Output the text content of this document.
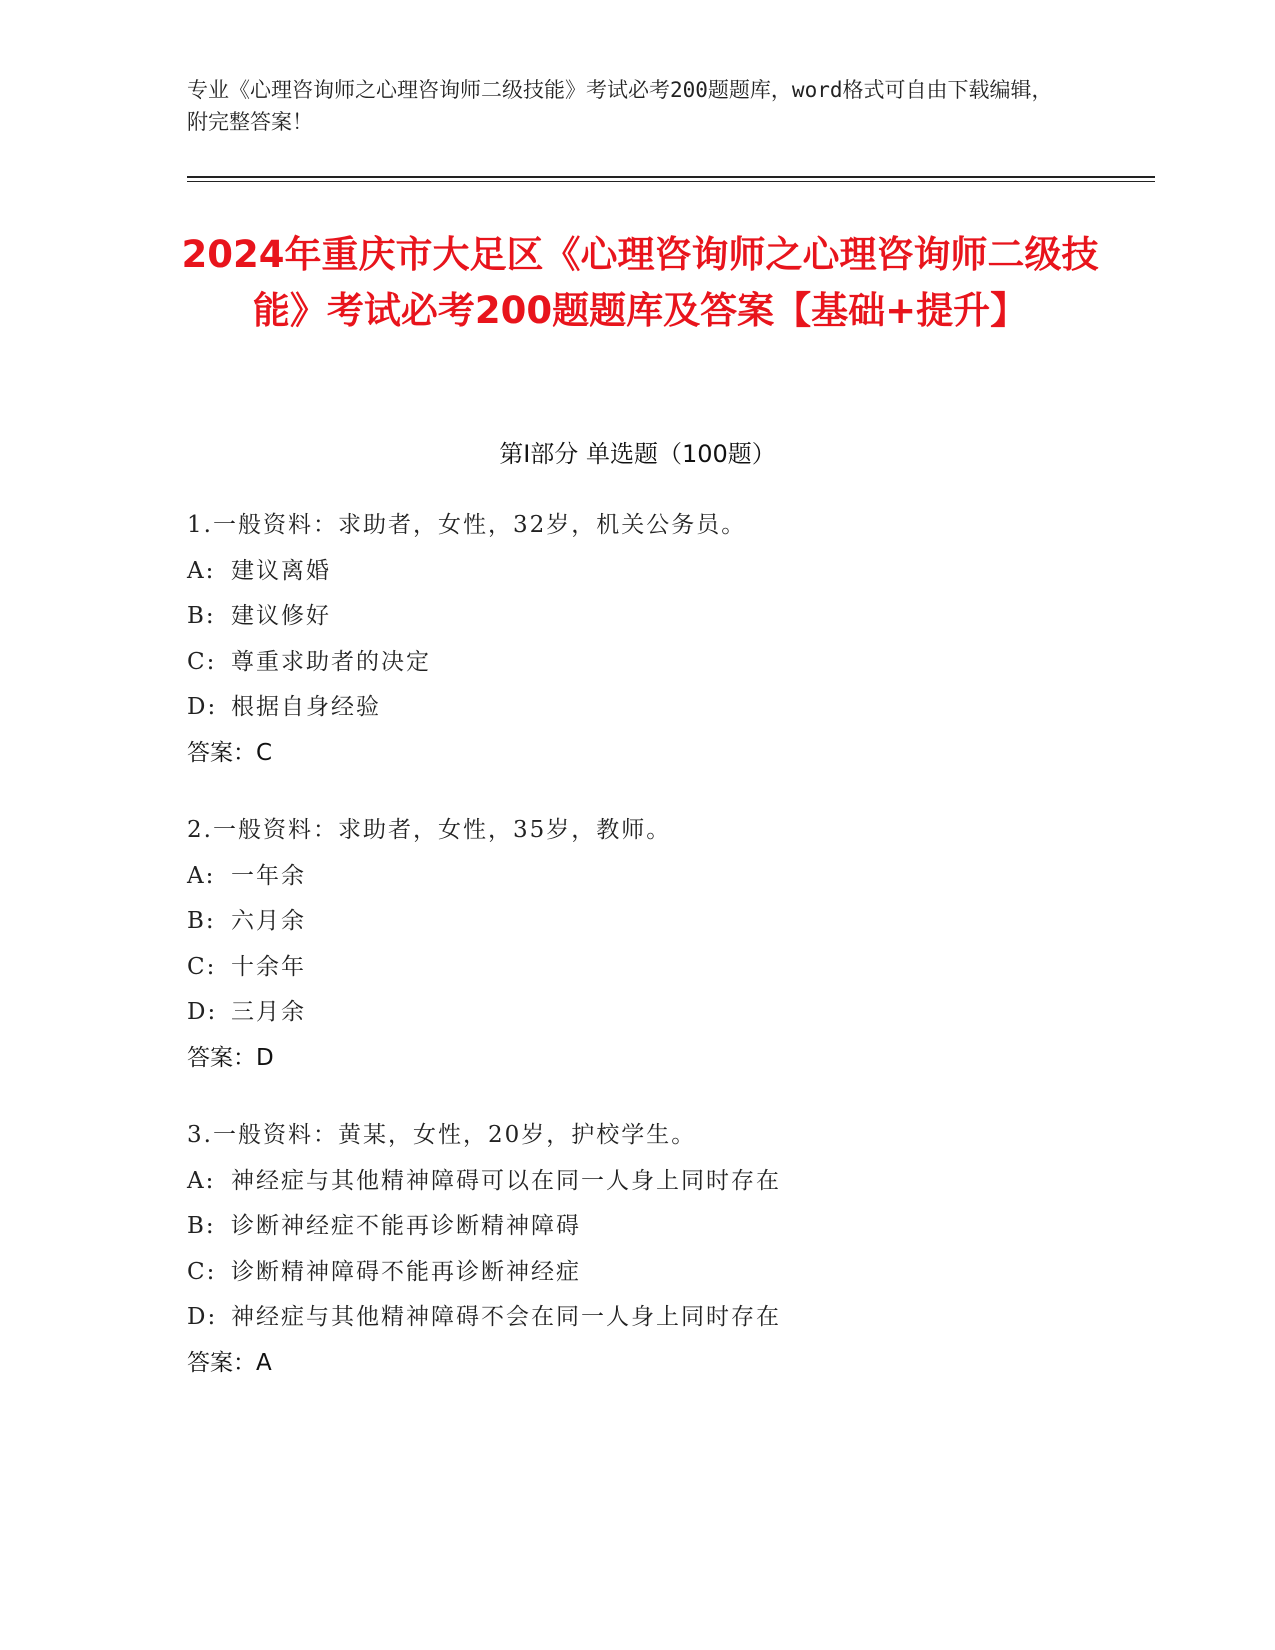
专业《心理咨询师之心理咨询师二级技能》考试必考200题题库，word格式可自由下载编辑，附完整答案！
2024年重庆市大足区《心理咨询师之心理咨询师二级技能》考试必考200题题库及答案【基础+提升】
第Ⅰ部分 单选题（100题）
1.一般资料：求助者，女性，32岁，机关公务员。
A: 建议离婚
B: 建议修好
C: 尊重求助者的决定
D: 根据自身经验
答案：C
2.一般资料：求助者，女性，35岁，教师。
A: 一年余
B: 六月余
C: 十余年
D: 三月余
答案：D
3.一般资料：黄某，女性，20岁，护校学生。
A: 神经症与其他精神障碍可以在同一人身上同时存在
B: 诊断神经症不能再诊断精神障碍
C: 诊断精神障碍不能再诊断神经症
D: 神经症与其他精神障碍不会在同一人身上同时存在
答案：A
